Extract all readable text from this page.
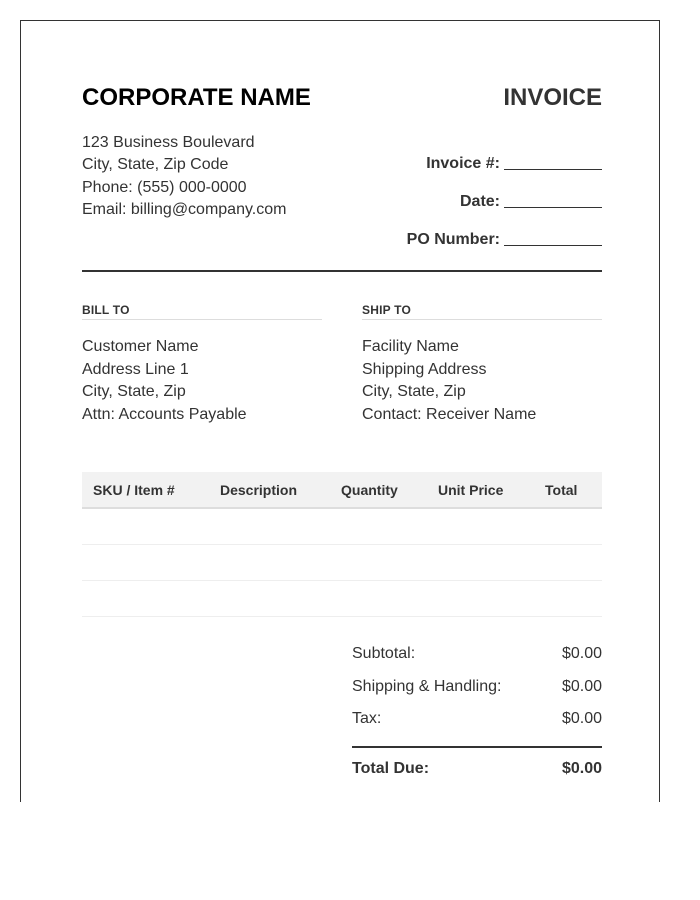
CORPORATE NAME	INVOICE
123 Business Boulevard
City, State, Zip Code
Phone: (555) 000-0000
Email: billing@company.com
Invoice #:
Date:
PO Number:
BILL TO
Customer Name
Address Line 1
City, State, Zip
Attn: Accounts Payable
SHIP TO
Facility Name
Shipping Address
City, State, Zip
Contact: Receiver Name
SKU / Item #	Description	Quantity	Unit Price	Total
Subtotal:	$0.00
Shipping & Handling:	$0.00
Tax:	$0.00
Total Due:	$0.00
